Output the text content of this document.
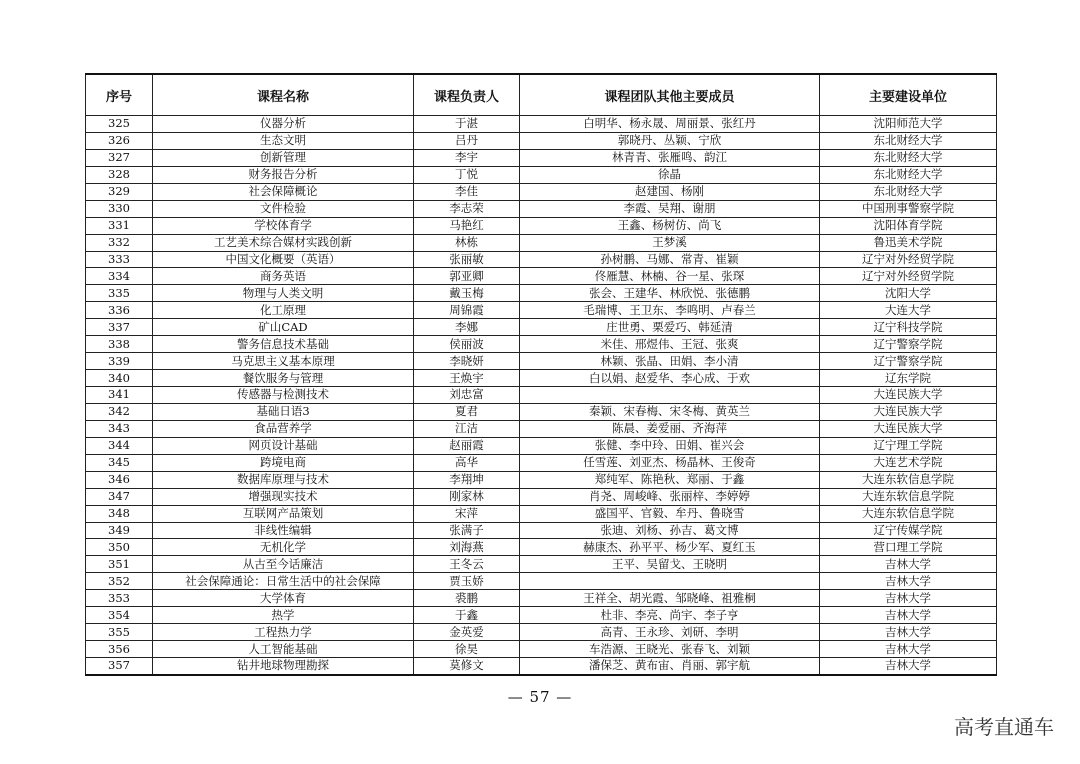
序号	课程名称	课程负责人	课程团队其他主要成员	主要建设单位
325	仪器分析	于湛	白明华、杨永晟、周丽景、张红丹	沈阳师范大学
326	生态文明	吕丹	郭晓丹、丛颖、宁欣	东北财经大学
327	创新管理	李宇	林青青、张雁鸣、韵江	东北财经大学
328	财务报告分析	丁悦	徐晶	东北财经大学
329	社会保障概论	李佳	赵建国、杨刚	东北财经大学
330	文件检验	李志荣	李霞、吴翔、谢朋	中国刑事警察学院
331	学校体育学	马艳红	王鑫、杨树仿、尚飞	沈阳体育学院
332	工艺美术综合媒材实践创新	林栋	王梦溪	鲁迅美术学院
333	中国文化概要（英语）	张丽敏	孙树鹏、马娜、常青、崔颖	辽宁对外经贸学院
334	商务英语	郭亚卿	佟雁慧、林楠、谷一星、张琛	辽宁对外经贸学院
335	物理与人类文明	戴玉梅	张会、王建华、林欣悦、张德鹏	沈阳大学
336	化工原理	周锦霞	毛瑞博、王卫东、李鸣明、卢春兰	大连大学
337	矿山CAD	李娜	庄世勇、栗爱巧、韩延清	辽宁科技学院
338	警务信息技术基础	侯丽波	米佳、邢煜伟、王冠、张爽	辽宁警察学院
339	马克思主义基本原理	李晓妍	林颖、张晶、田娟、李小清	辽宁警察学院
340	餐饮服务与管理	王焕宇	白以娟、赵爱华、李心成、于欢	辽东学院
341	传感器与检测技术	刘忠富		大连民族大学
342	基础日语3	夏君	秦颖、宋春梅、宋冬梅、黄英兰	大连民族大学
343	食品营养学	江洁	陈晨、姜爱丽、齐海萍	大连民族大学
344	网页设计基础	赵丽霞	张健、李中玲、田娟、崔兴会	辽宁理工学院
345	跨境电商	高华	任雪莲、刘亚杰、杨晶林、王俊奇	大连艺术学院
346	数据库原理与技术	李翔坤	郑纯军、陈艳秋、郑丽、于鑫	大连东软信息学院
347	增强现实技术	刚家林	肖尧、周峻峰、张丽梓、李婷婷	大连东软信息学院
348	互联网产品策划	宋萍	盛国平、官毅、牟丹、鲁晓雪	大连东软信息学院
349	非线性编辑	张满子	张迪、刘杨、孙吉、葛文博	辽宁传媒学院
350	无机化学	刘海燕	赫康杰、孙平平、杨少军、夏红玉	营口理工学院
351	从古至今话廉洁	王冬云	王平、吴留戈、王晓明	吉林大学
352	社会保障通论：日常生活中的社会保障	贾玉娇		吉林大学
353	大学体育	裘鹏	王祥全、胡光霞、邹晓峰、祖雅桐	吉林大学
354	热学	于鑫	杜非、李亮、尚宇、李子亨	吉林大学
355	工程热力学	金英爱	高青、王永珍、刘研、李明	吉林大学
356	人工智能基础	徐昊	车浩源、王晓光、张春飞、刘颖	吉林大学
357	钻井地球物理勘探	莫修文	潘保芝、黄布宙、肖丽、郭宇航	吉林大学
— 57 —
高考直通车
